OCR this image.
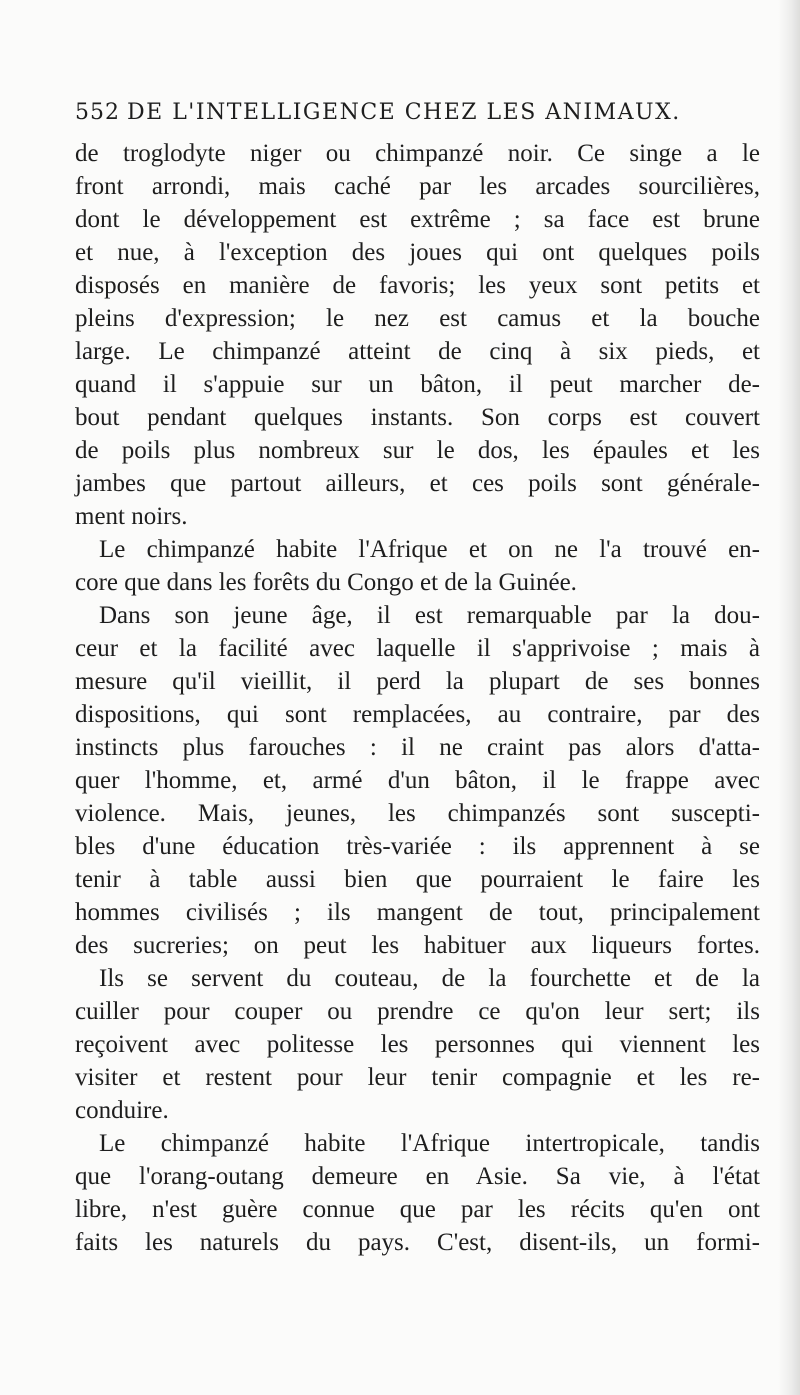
552 DE L'INTELLIGENCE CHEZ LES ANIMAUX.
de troglodyte niger ou chimpanzé noir. Ce singe a le
front arrondi, mais caché par les arcades sourcilières,
dont le développement est extrême ; sa face est brune
et nue, à l'exception des joues qui ont quelques poils
disposés en manière de favoris; les yeux sont petits et
pleins d'expression; le nez est camus et la bouche
large. Le chimpanzé atteint de cinq à six pieds, et
quand il s'appuie sur un bâton, il peut marcher de-
bout pendant quelques instants. Son corps est couvert
de poils plus nombreux sur le dos, les épaules et les
jambes que partout ailleurs, et ces poils sont générale-
ment noirs.
Le chimpanzé habite l'Afrique et on ne l'a trouvé en-
core que dans les forêts du Congo et de la Guinée.
Dans son jeune âge, il est remarquable par la dou-
ceur et la facilité avec laquelle il s'apprivoise ; mais à
mesure qu'il vieillit, il perd la plupart de ses bonnes
dispositions, qui sont remplacées, au contraire, par des
instincts plus farouches : il ne craint pas alors d'atta-
quer l'homme, et, armé d'un bâton, il le frappe avec
violence. Mais, jeunes, les chimpanzés sont suscepti-
bles d'une éducation très-variée : ils apprennent à se
tenir à table aussi bien que pourraient le faire les
hommes civilisés ; ils mangent de tout, principalement
des sucreries; on peut les habituer aux liqueurs fortes.
Ils se servent du couteau, de la fourchette et de la
cuiller pour couper ou prendre ce qu'on leur sert; ils
reçoivent avec politesse les personnes qui viennent les
visiter et restent pour leur tenir compagnie et les re-
conduire.
Le chimpanzé habite l'Afrique intertropicale, tandis
que l'orang-outang demeure en Asie. Sa vie, à l'état
libre, n'est guère connue que par les récits qu'en ont
faits les naturels du pays. C'est, disent-ils, un formi-
